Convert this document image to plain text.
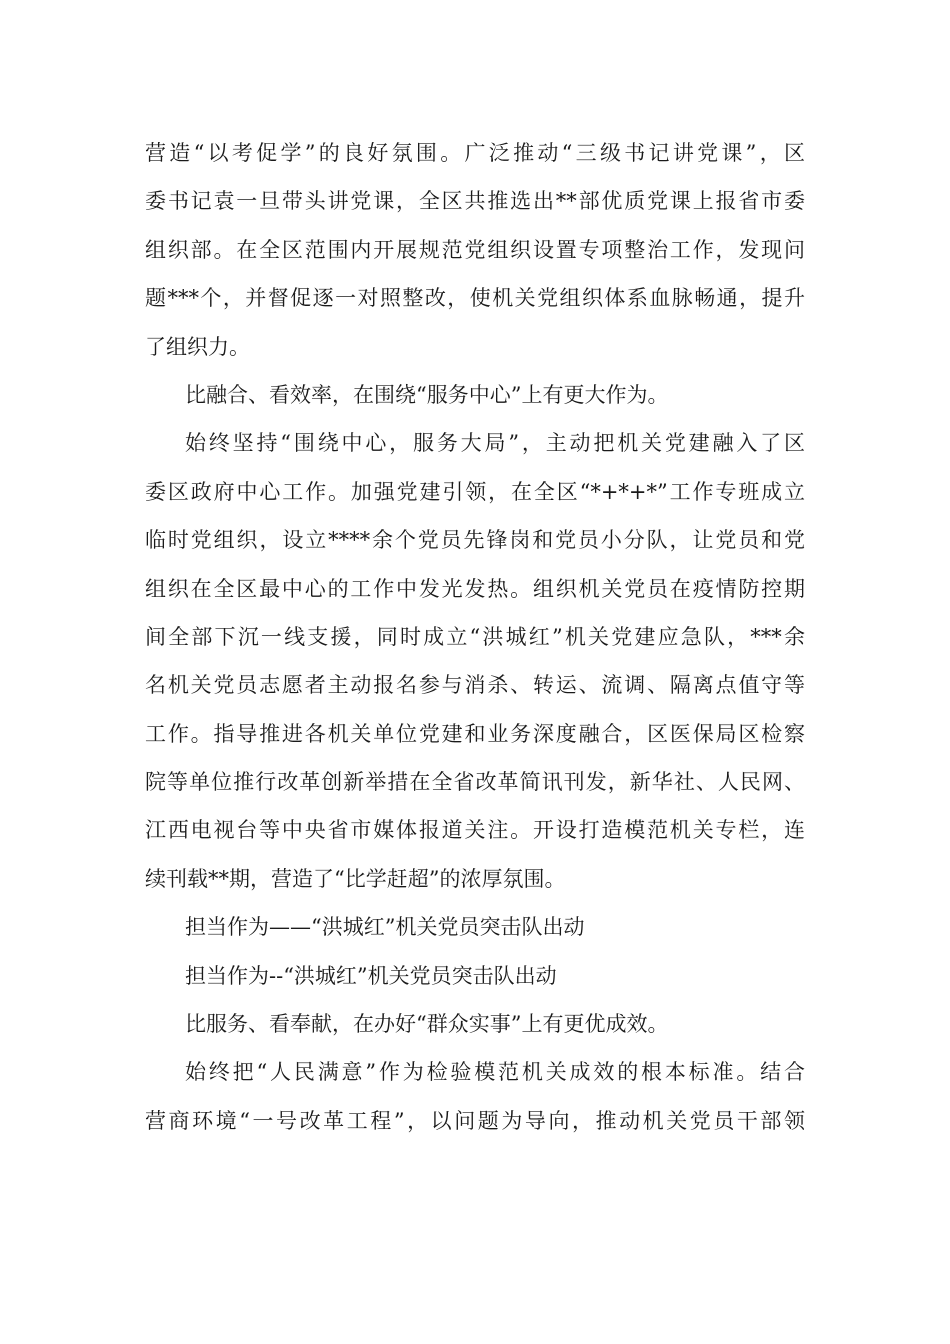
营造“以考促学”的良好氛围。广泛推动“三级书记讲党课”，区
委书记袁一旦带头讲党课，全区共推选出**部优质党课上报省市委
组织部。在全区范围内开展规范党组织设置专项整治工作，发现问
题***个，并督促逐一对照整改，使机关党组织体系血脉畅通，提升
了组织力。
比融合、看效率，在围绕“服务中心”上有更大作为。
始终坚持“围绕中心，服务大局”，主动把机关党建融入了区
委区政府中心工作。加强党建引领，在全区“*+*+*”工作专班成立
临时党组织，设立****余个党员先锋岗和党员小分队，让党员和党
组织在全区最中心的工作中发光发热。组织机关党员在疫情防控期
间全部下沉一线支援，同时成立“洪城红”机关党建应急队，***余
名机关党员志愿者主动报名参与消杀、转运、流调、隔离点值守等
工作。指导推进各机关单位党建和业务深度融合，区医保局区检察
院等单位推行改革创新举措在全省改革简讯刊发，新华社、人民网、
江西电视台等中央省市媒体报道关注。开设打造模范机关专栏，连
续刊载**期，营造了“比学赶超”的浓厚氛围。
担当作为——“洪城红”机关党员突击队出动
担当作为--“洪城红”机关党员突击队出动
比服务、看奉献，在办好“群众实事”上有更优成效。
始终把“人民满意”作为检验模范机关成效的根本标准。结合
营商环境“一号改革工程”，以问题为导向，推动机关党员干部领
